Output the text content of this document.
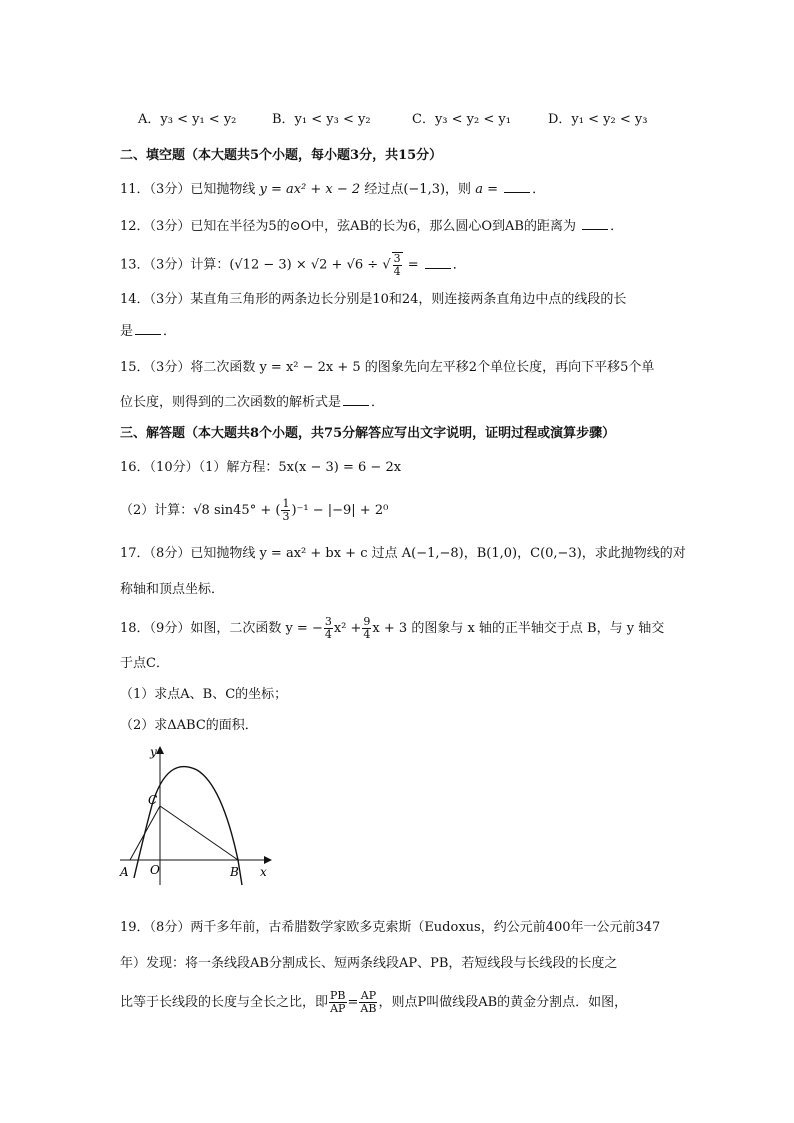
A．y₃ < y₁ < y₂	B．y₁ < y₃ < y₂	C．y₃ < y₂ < y₁	D．y₁ < y₂ < y₃
二、填空题（本大题共5个小题，每小题3分，共15分）
11．（3分）已知抛物线 y = ax² + x − 2 经过点(−1,3)，则 a =	．
12．（3分）已知在半径为5的⊙O中，弦AB的长为6，那么圆心O到AB的距离为	．
13．（3分）计算：(√12 − 3) × √2 + √6 ÷ √ $\frac{3}{4}$ =	．
14．（3分）某直角三角形的两条边长分别是10和24，则连接两条直角边中点的线段的长
是 ．
15．（3分）将二次函数 y = x² − 2x + 5 的图象先向左平移2个单位长度，再向下平移5个单
位长度，则得到的二次函数的解析式是 ．
三、解答题（本大题共8个小题，共75分解答应写出文字说明，证明过程或演算步骤）
16．（10分）（1）解方程：5x(x − 3) = 6 − 2x
（2）计算：√8 sin45° + ( $\frac{1}{3} )^{-1} - |-9| + 2^0$
17．（8分）已知抛物线 y = ax² + bx + c 过点 A(−1,−8)，B(1,0)，C(0,−3)，求此抛物线的对
称轴和顶点坐标．
18．（9分）如图，二次函数 y = − $\frac{3}{4} x^2 + \frac{9}{4}$ x + 3 的图象与 x 轴的正半轴交于点 B，与 y 轴交
于点C．
（1）求点A、B、C的坐标；
（2）求ΔABC的面积．
y
x
C
O
A	B
19．（8分）两千多年前，古希腊数学家欧多克索斯（Eudoxus，约公元前400年一公元前347
年）发现：将一条线段AB分割成长、短两条线段AP、PB，若短线段与长线段的长度之
比等于长线段的长度与全长之比，即 $\frac{PB}{AP} = \frac{AP}{AB}$ ，则点P叫做线段AB的黄金分割点．如图，
